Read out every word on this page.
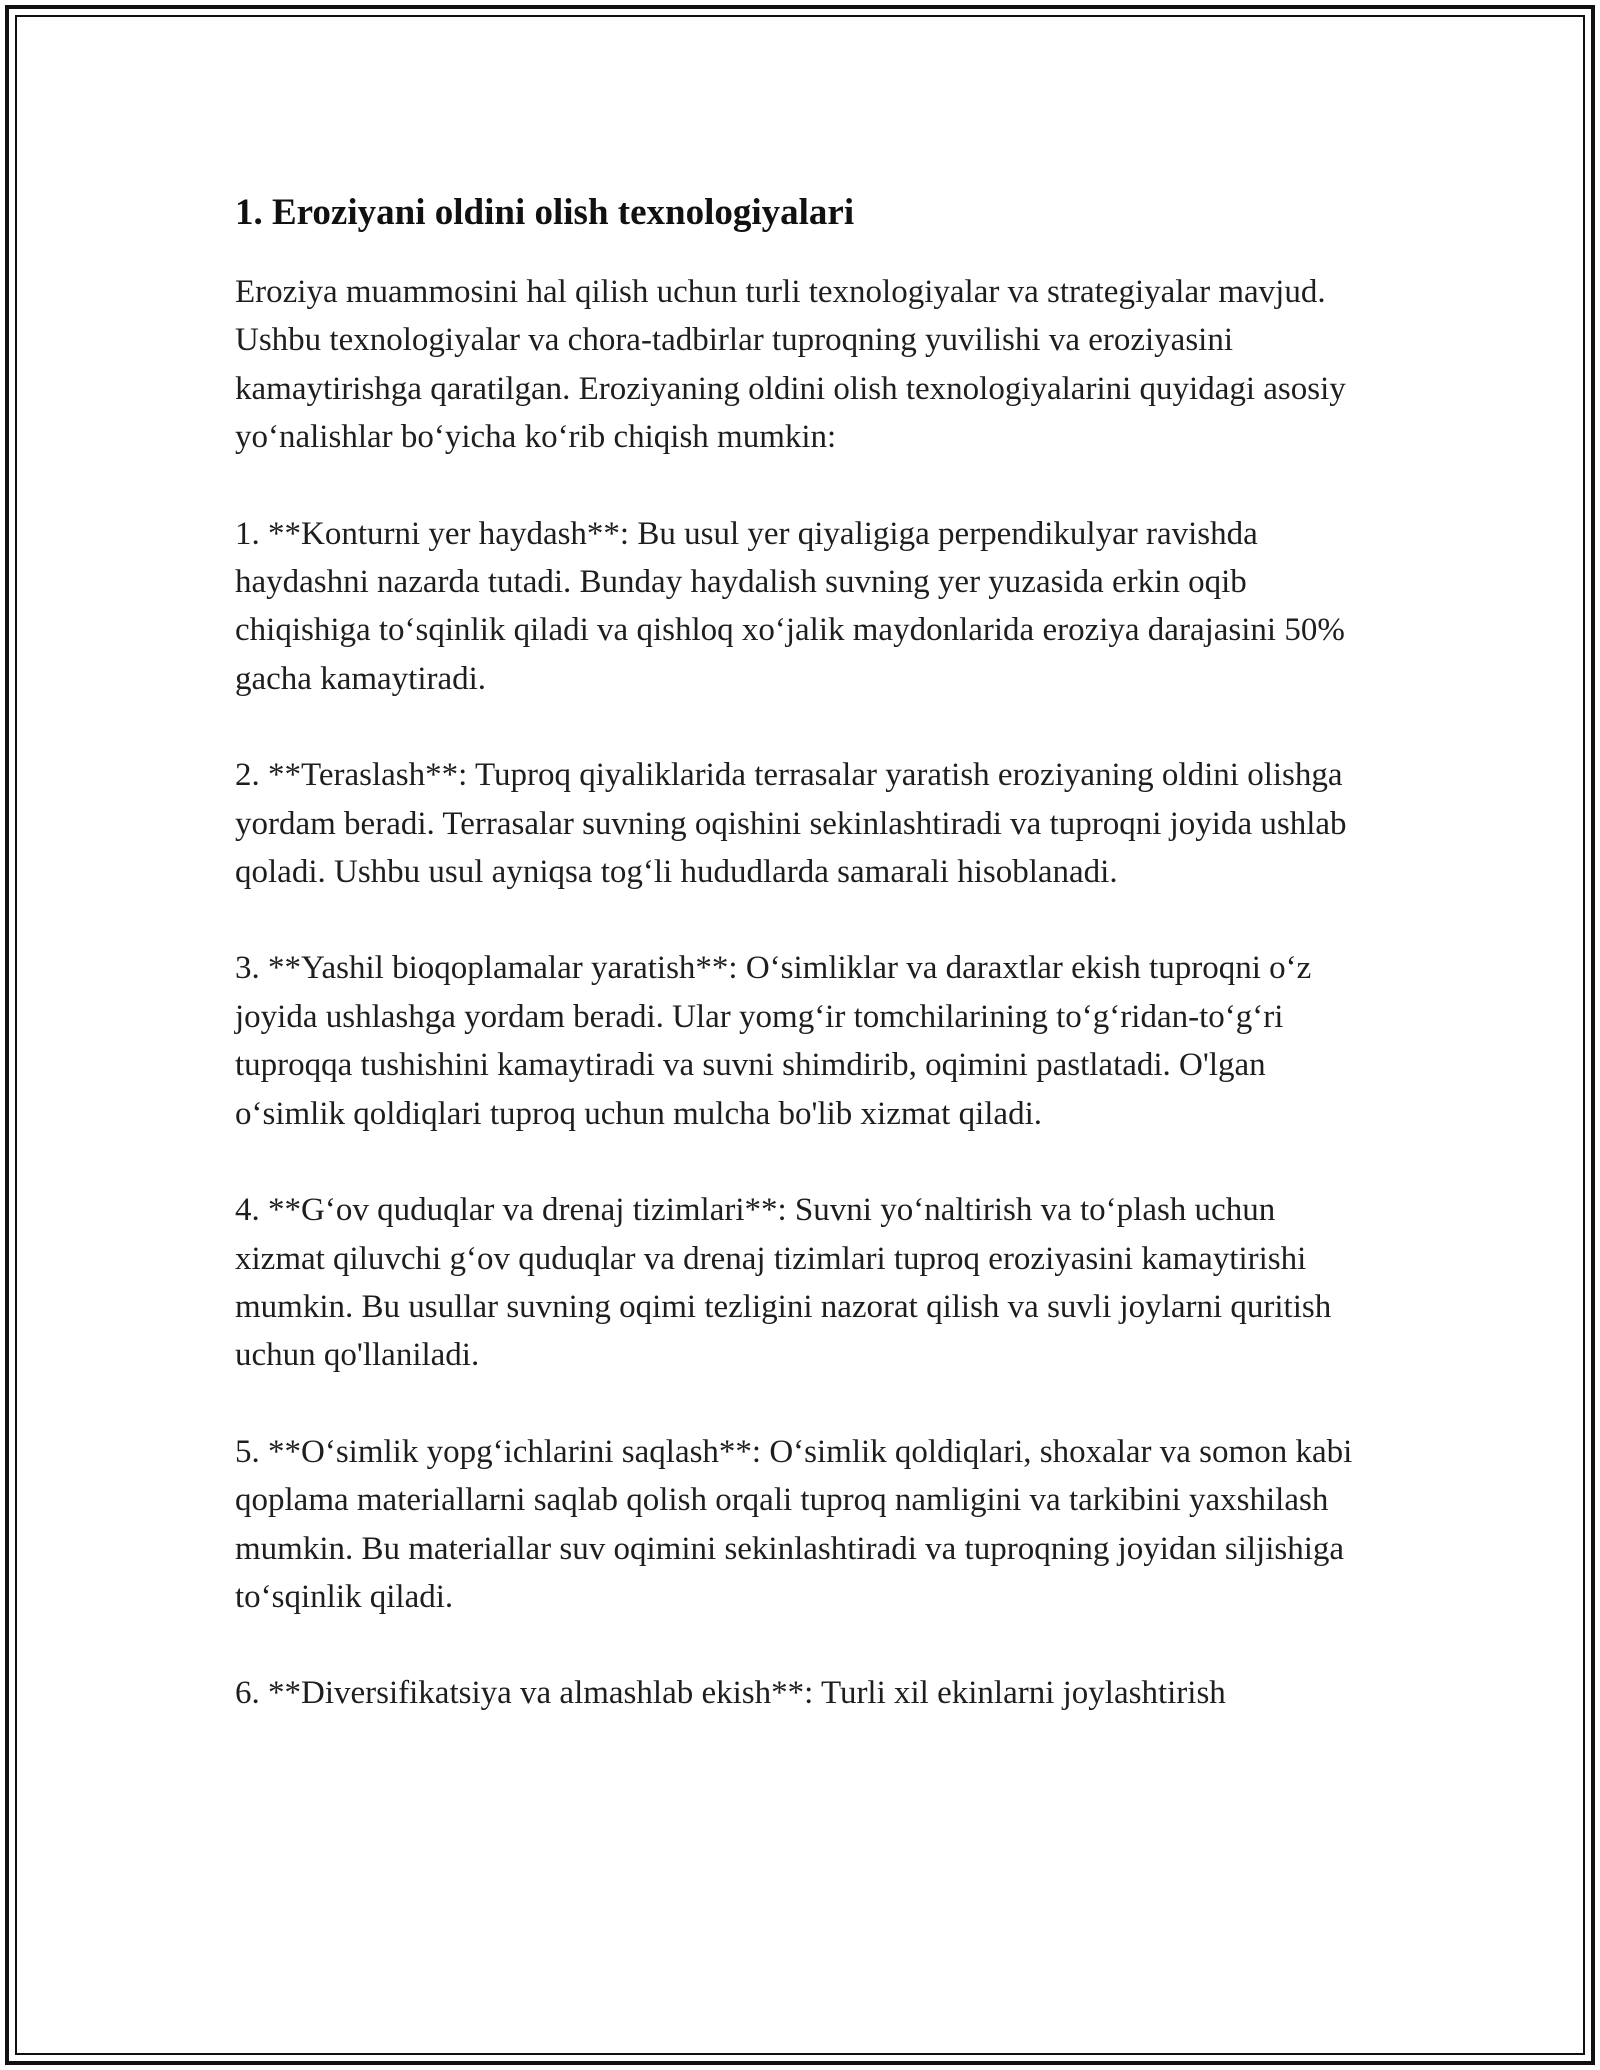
1. Eroziyani oldini olish texnologiyalari

Eroziya muammosini hal qilish uchun turli texnologiyalar va strategiyalar mavjud. Ushbu texnologiyalar va chora-tadbirlar tuproqning yuvilishi va eroziyasini kamaytirishga qaratilgan. Eroziyaning oldini olish texnologiyalarini quyidagi asosiy yoʻnalishlar boʻyicha koʻrib chiqish mumkin:

1. **Konturni yer haydash**: Bu usul yer qiyaligiga perpendikulyar ravishda haydashni nazarda tutadi. Bunday haydalish suvning yer yuzasida erkin oqib chiqishiga toʻsqinlik qiladi va qishloq xoʻjalik maydonlarida eroziya darajasini 50% gacha kamaytiradi.

2. **Teraslash**: Tuproq qiyaliklarida terrasalar yaratish eroziyaning oldini olishga yordam beradi. Terrasalar suvning oqishini sekinlashtiradi va tuproqni joyida ushlab qoladi. Ushbu usul ayniqsa togʻli hududlarda samarali hisoblanadi.

3. **Yashil bioqoplamalar yaratish**: Oʻsimliklar va daraxtlar ekish tuproqni oʻz joyida ushlashga yordam beradi. Ular yomgʻir tomchilarining toʻgʻridan-toʻgʻri tuproqqa tushishini kamaytiradi va suvni shimdirib, oqimini pastlatadi. O'lgan oʻsimlik qoldiqlari tuproq uchun mulcha bo'lib xizmat qiladi.

4. **Gʻov quduqlar va drenaj tizimlari**: Suvni yoʻnaltirish va toʻplash uchun xizmat qiluvchi gʻov quduqlar va drenaj tizimlari tuproq eroziyasini kamaytirishi mumkin. Bu usullar suvning oqimi tezligini nazorat qilish va suvli joylarni quritish uchun qo'llaniladi.

5. **Oʻsimlik yopgʻichlarini saqlash**: Oʻsimlik qoldiqlari, shoxalar va somon kabi qoplama materiallarni saqlab qolish orqali tuproq namligini va tarkibini yaxshilash mumkin. Bu materiallar suv oqimini sekinlashtiradi va tuproqning joyidan siljishiga toʻsqinlik qiladi.

6. **Diversifikatsiya va almashlab ekish**: Turli xil ekinlarni joylashtirish
